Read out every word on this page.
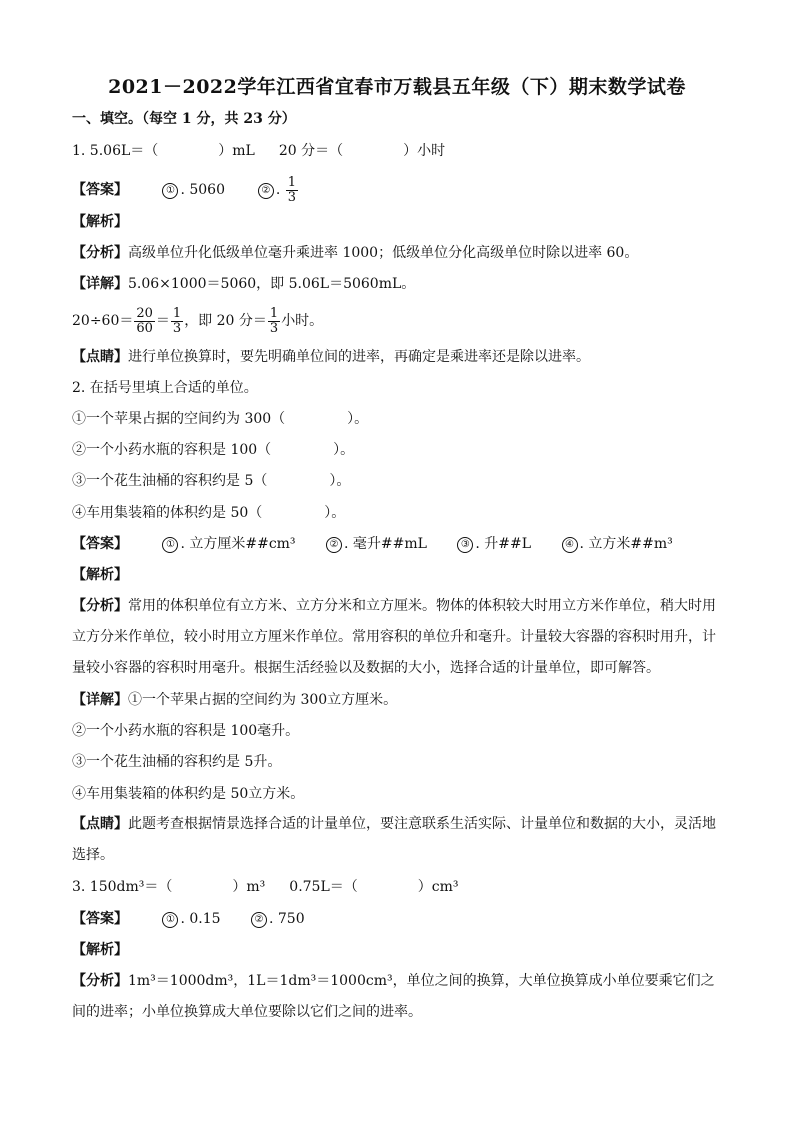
2021－2022学年江西省宜春市万载县五年级（下）期末数学试卷
一、填空。（每空 1 分，共 23 分）
1. 5.06L＝（	）mL 20 分＝（	）小时
【答案】	① . 5060	② . $\frac{1}{3}$
【解析】
【分析】高级单位升化低级单位毫升乘进率 1000；低级单位分化高级单位时除以进率 60。
【详解】5.06×1000＝5060，即 5.06L＝5060mL。
$20\div 60= \frac{20}{60} = \frac{1}{3}$ ，即 20 分＝ $\frac{1}{3}$ 小时。
【点睛】进行单位换算时，要先明确单位间的进率，再确定是乘进率还是除以进率。
2. 在括号里填上合适的单位。
①一个苹果占据的空间约为 300（	）。
②一个小药水瓶的容积是 100（	）。
③一个花生油桶的容积约是 5（	）。
④车用集装箱的体积约是 50（	）。
【答案】	① . 立方厘米##cm³	② . 毫升##mL	③ . 升##L	④ . 立方米##m³
【解析】
【分析】常用的体积单位有立方米、立方分米和立方厘米。物体的体积较大时用立方米作单位，稍大时用立方分米作单位，较小时用立方厘米作单位。常用容积的单位升和毫升。计量较大容器的容积时用升，计量较小容器的容积时用毫升。根据生活经验以及数据的大小，选择合适的计量单位，即可解答。
【详解】①一个苹果占据的空间约为 300立方厘米。
②一个小药水瓶的容积是 100毫升。
③一个花生油桶的容积约是 5升。
④车用集装箱的体积约是 50立方米。
【点睛】此题考查根据情景选择合适的计量单位，要注意联系生活实际、计量单位和数据的大小，灵活地选择。
3. 150dm³＝（	）m³ 0.75L＝（	）cm³
【答案】	① . 0.15	② . 750
【解析】
【分析】1m³＝1000dm³，1L＝1dm³＝1000cm³，单位之间的换算，大单位换算成小单位要乘它们之间的进率；小单位换算成大单位要除以它们之间的进率。
